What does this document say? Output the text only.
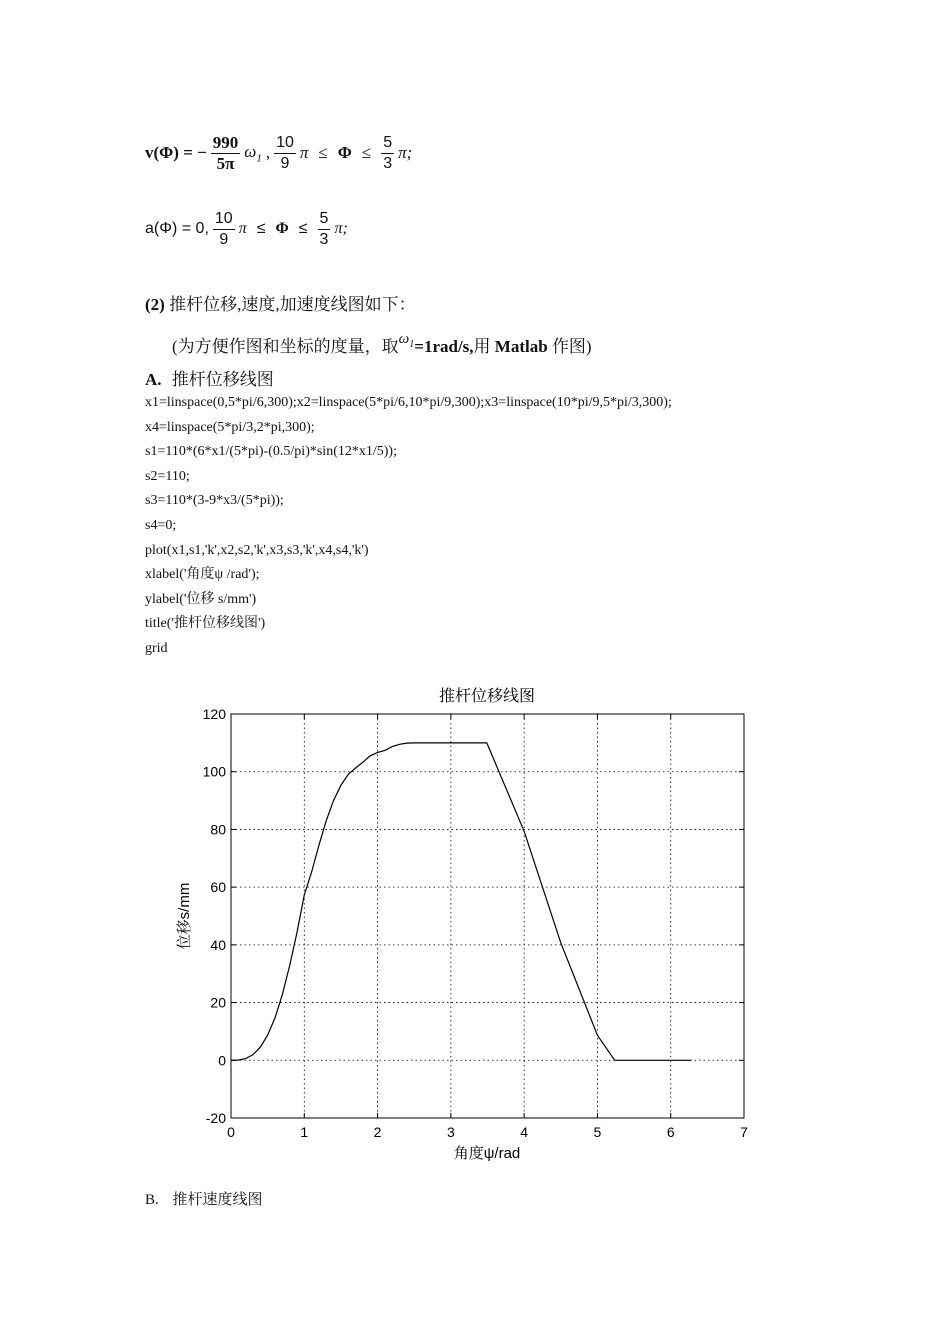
v(Φ) = − $\frac{990}{5\pi} \omega_1$ , $\frac{10}{9}$ $\pi \le \Phi \le \frac{5}{3} \pi$;
a(Φ) = 0, $\frac{10}{9}$ $\pi \le \Phi \le \frac{5}{3} \pi$;
(2) 推杆位移,速度,加速度线图如下：
(为方便作图和坐标的度量，取$\omega_1=1rad/s$,用 Matlab 作图)
A. 推杆位移线图
x1=linspace(0,5*pi/6,300);x2=linspace(5*pi/6,10*pi/9,300);x3=linspace(10*pi/9,5*pi/3,300);
x4=linspace(5*pi/3,2*pi,300);
s1=110*(6*x1/(5*pi)-(0.5/pi)*sin(12*x1/5));
s2=110;
s3=110*(3-9*x3/(5*pi));
s4=0;
plot(x1,s1,'k',x2,s2,'k',x3,s3,'k',x4,s4,'k')
xlabel('角度ψ /rad');
ylabel('位移 s/mm')
title('推杆位移线图')
grid
0	1	2	3	4	5	6	7
-20
0
20
40
60
80
100
120
推杆位移线图
角度ψ/rad
位移s/mm
B. 推杆速度线图
